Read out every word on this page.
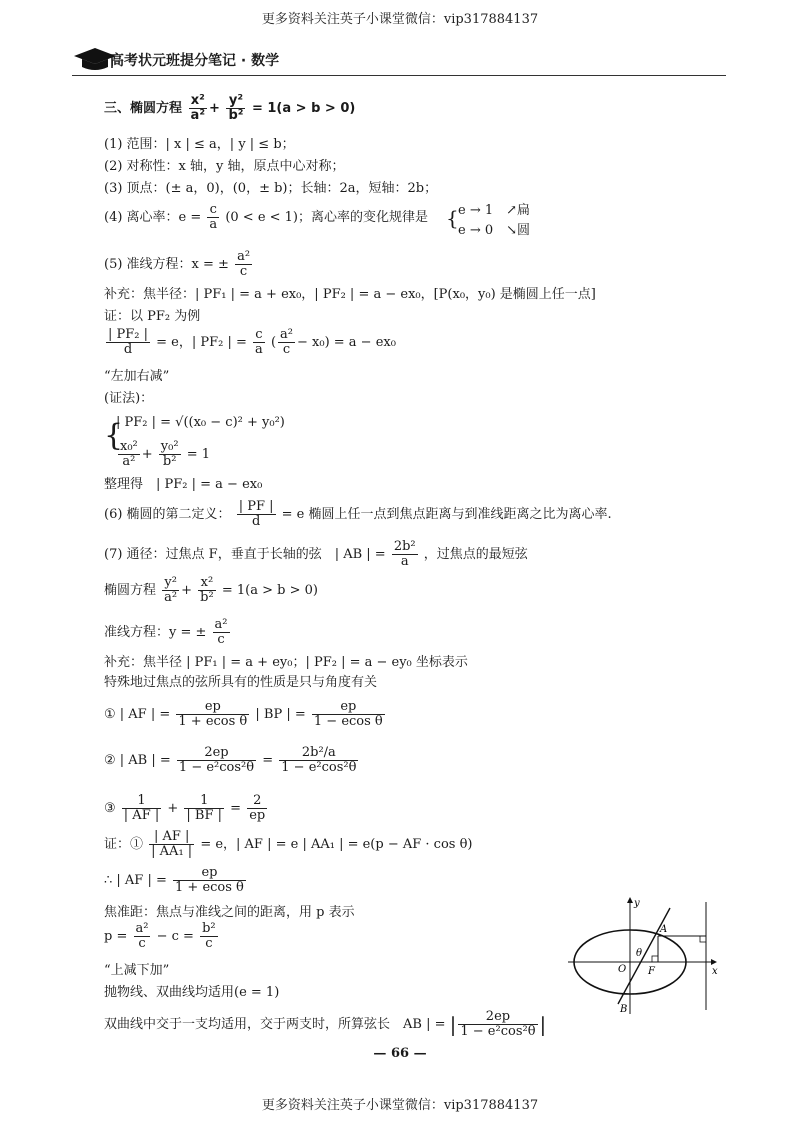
更多资料关注英子小课堂微信：vip317884137
高考状元班提分笔记 · 数学
三、椭圆方程 $\frac{\text{x²}}{\text{a²}} + \frac{\text{y²}}{\text{b²}} = 1(a > b > 0)$
(1) 范围：| x | ≤ a，| y | ≤ b；
(2) 对称性：x 轴，y 轴，原点中心对称；
(3) 顶点：(± a，0)，(0，± b)；长轴：2a，短轴：2b；
(4) 离心率：$e = \frac{c}{a} (0 < e < 1)$；离心率的变化规律是 { e → 1　↗扁
e → 0　↘圆
(5) 准线方程：x = ± $\frac{\text{a²}}{c}$
补充：焦半径：| PF₁ | = a + ex₀，| PF₂ | = a − ex₀，[P(x₀，y₀) 是椭圆上任一点]
证：以 PF₂ 为例
$\frac{\text{| PF₂ |}}{d} = e$，| PF₂ | = $\frac{c}{a}$ ( $\frac{\text{a²}}{c} - x_0) = a - ex_0$
“左加右减”
(证法)：
{
| PF₂ | = √((x₀ − c)² + y₀²)
$\frac{\text{x₀²}}{\text{a²}} + \frac{\text{y₀²}}{\text{b²}} = 1$
整理得　| PF₂ | = a − ex₀
(6) 椭圆的第二定义： $\frac{| PF |}{d} = e$ 椭圆上任一点到焦点距离与到准线距离之比为离心率.
(7) 通径：过焦点 F，垂直于长轴的弦　| AB | = $\frac{\text{2b²}}{a}$ ，过焦点的最短弦
椭圆方程 $\frac{\text{y²}}{\text{a²}} + \frac{\text{x²}}{\text{b²}} = 1(a > b > 0)$
准线方程：y = ± $\frac{\text{a²}}{c}$
补充：焦半径 | PF₁ | = a + ey₀；| PF₂ | = a − ey₀ 坐标表示
特殊地过焦点的弦所具有的性质是只与角度有关
① | AF | = $\frac{ep}{\text{1 + ecos θ}}$ | BP | = $\frac{ep}{\text{1 − ecos θ}}$
② | AB | = $\frac{2ep}{\text{1 − e²cos²θ}} = \frac{\text{2b²/a}}{\text{1 − e²cos²θ}}$
③ $\frac{1}{| AF |} + \frac{1}{| BF |} = \frac{2}{ep}$
证：① $\frac{| AF |}{\text{| AA₁ |}} = e$，| AF | = e | AA₁ | = e(p − AF · cos θ)
∴ | AF | = $\frac{ep}{\text{1 + ecos θ}}$
焦准距：焦点与准线之间的距离，用 p 表示
$p = \frac{\text{a²}}{c} - c = \frac{\text{b²}}{c}$
“上减下加”
抛物线、双曲线均适用(e = 1)
双曲线中交于一支均适用，交于两支时，所算弦长　AB | = | $\frac{2ep}{\text{1 − e²cos²θ}}$ |
y
x
A
B
O F
θ
— 66 —
更多资料关注英子小课堂微信：vip317884137
